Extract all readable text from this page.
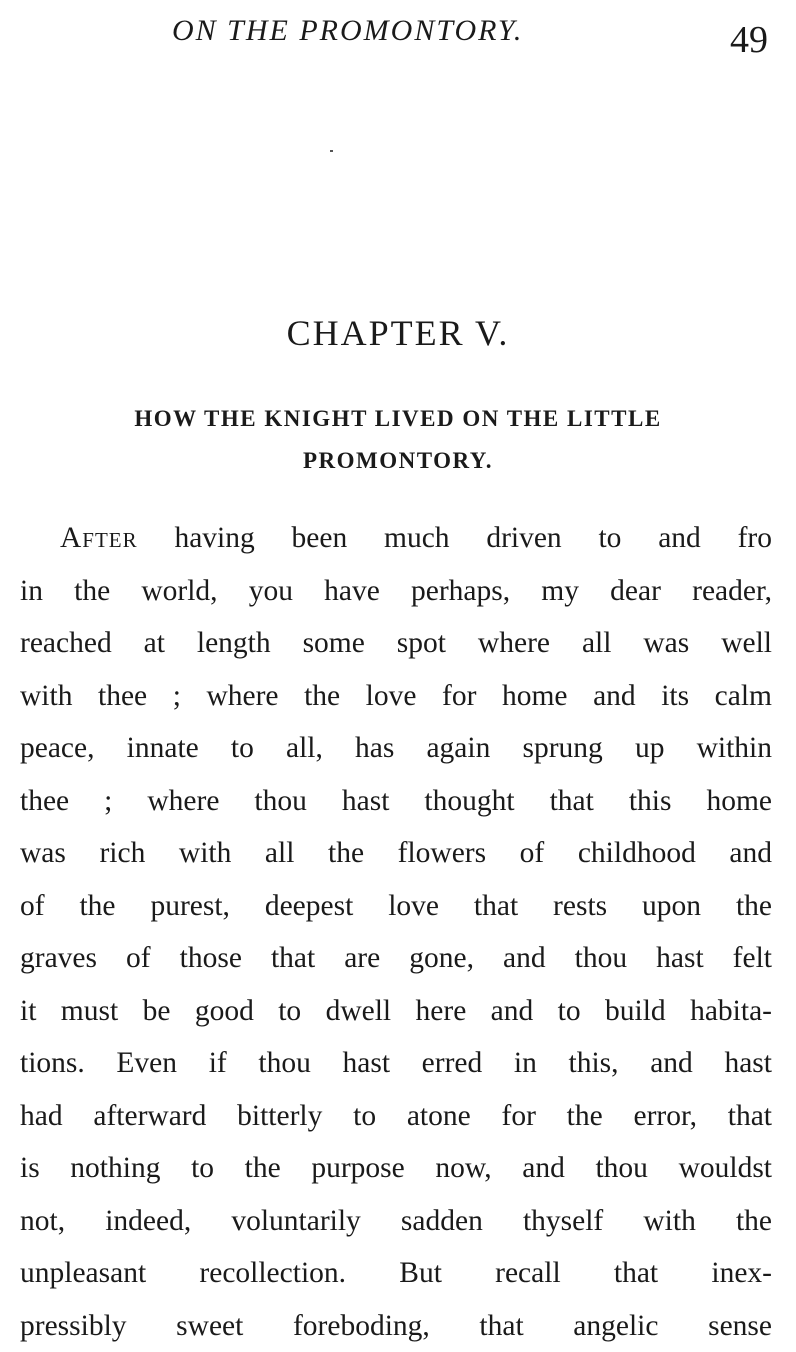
ON THE PROMONTORY.	49
CHAPTER V.
HOW THE KNIGHT LIVED ON THE LITTLE PROMONTORY.
After having been much driven to and fro
in the world, you have perhaps, my dear reader,
reached at length some spot where all was well
with thee ; where the love for home and its calm
peace, innate to all, has again sprung up within
thee ; where thou hast thought that this home
was rich with all the flowers of childhood and
of the purest, deepest love that rests upon the
graves of those that are gone, and thou hast felt
it must be good to dwell here and to build habita-
tions. Even if thou hast erred in this, and hast
had afterward bitterly to atone for the error, that
is nothing to the purpose now, and thou wouldst
not, indeed, voluntarily sadden thyself with the
unpleasant recollection. But recall that inex-
pressibly sweet foreboding, that angelic sense
